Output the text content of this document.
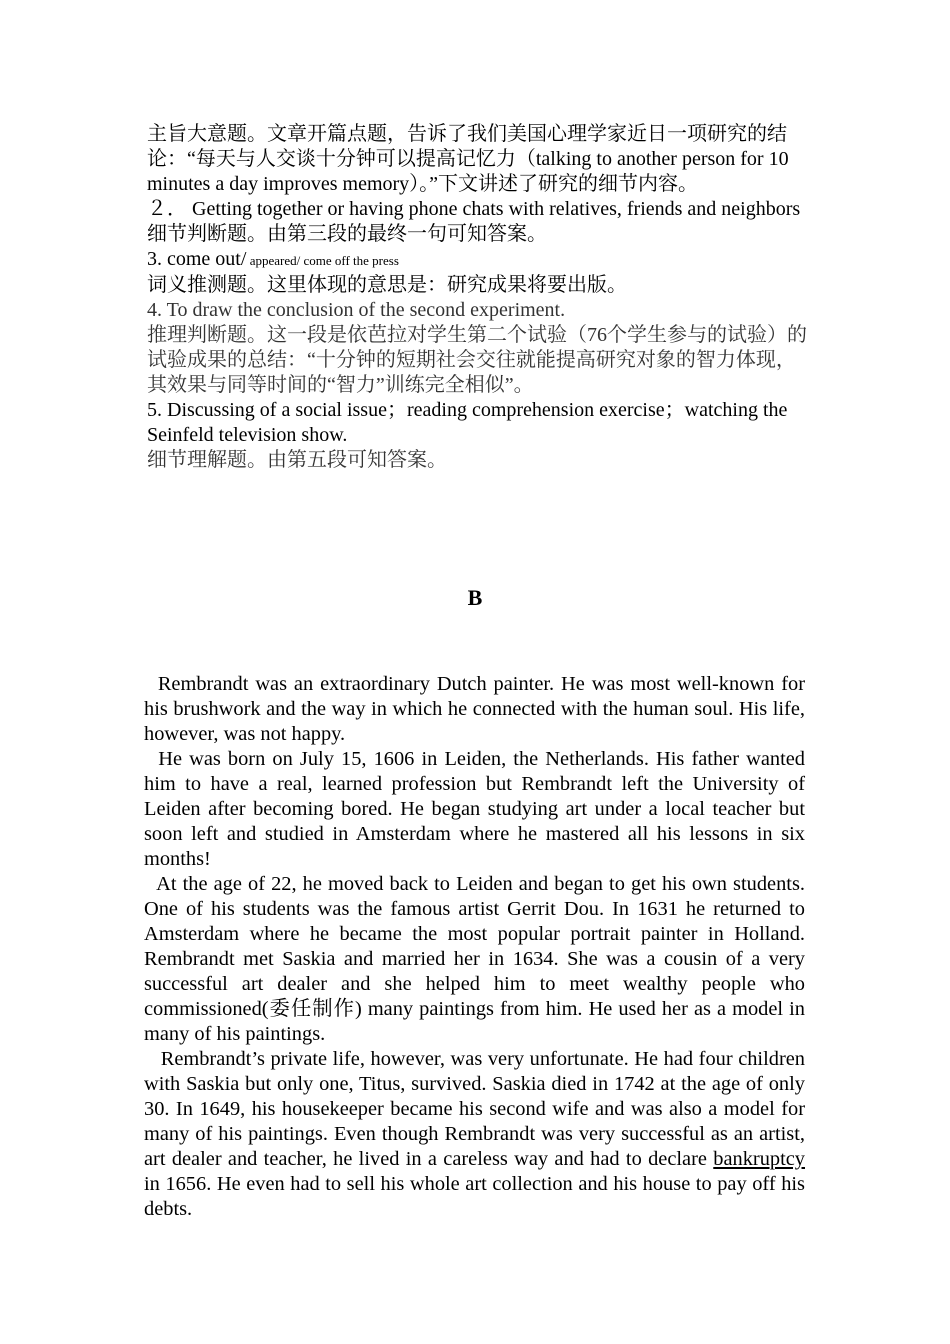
主旨大意题。文章开篇点题，告诉了我们美国心理学家近日一项研究的结论：“每天与人交谈十分钟可以提高记忆力（talking to another person for 10 minutes a day improves memory）。”下文讲述了研究的细节内容。

２． Getting together or having phone chats with relatives, friends and neighbors

细节判断题。由第三段的最终一句可知答案。

3. come out/ appeared/ come off the press

词义推测题。这里体现的意思是：研究成果将要出版。

4. To draw the conclusion of the second experiment.

推理判断题。这一段是依芭拉对学生第二个试验（76个学生参与的试验）的试验成果的总结：“十分钟的短期社会交往就能提高研究对象的智力体现，其效果与同等时间的“智力”训练完全相似”。

5. Discussing of a social issue；reading comprehension exercise；watching the Seinfeld television show.

细节理解题。由第五段可知答案。

B

Rembrandt was an extraordinary Dutch painter. He was most well-known for his brushwork and the way in which he connected with the human soul. His life, however, was not happy.

He was born on July 15, 1606 in Leiden, the Netherlands. His father wanted him to have a real, learned profession but Rembrandt left the University of Leiden after becoming bored. He began studying art under a local teacher but soon left and studied in Amsterdam where he mastered all his lessons in six months!

At the age of 22, he moved back to Leiden and began to get his own students. One of his students was the famous artist Gerrit Dou. In 1631 he returned to Amsterdam where he became the most popular portrait painter in Holland. Rembrandt met Saskia and married her in 1634. She was a cousin of a very successful art dealer and she helped him to meet wealthy people who commissioned(委任制作) many paintings from him. He used her as a model in many of his paintings.

Rembrandt’s private life, however, was very unfortunate. He had four children with Saskia but only one, Titus, survived. Saskia died in 1742 at the age of only 30. In 1649, his housekeeper became his second wife and was also a model for many of his paintings. Even though Rembrandt was very successful as an artist, art dealer and teacher, he lived in a careless way and had to declare bankruptcy in 1656. He even had to sell his whole art collection and his house to pay off his debts.
